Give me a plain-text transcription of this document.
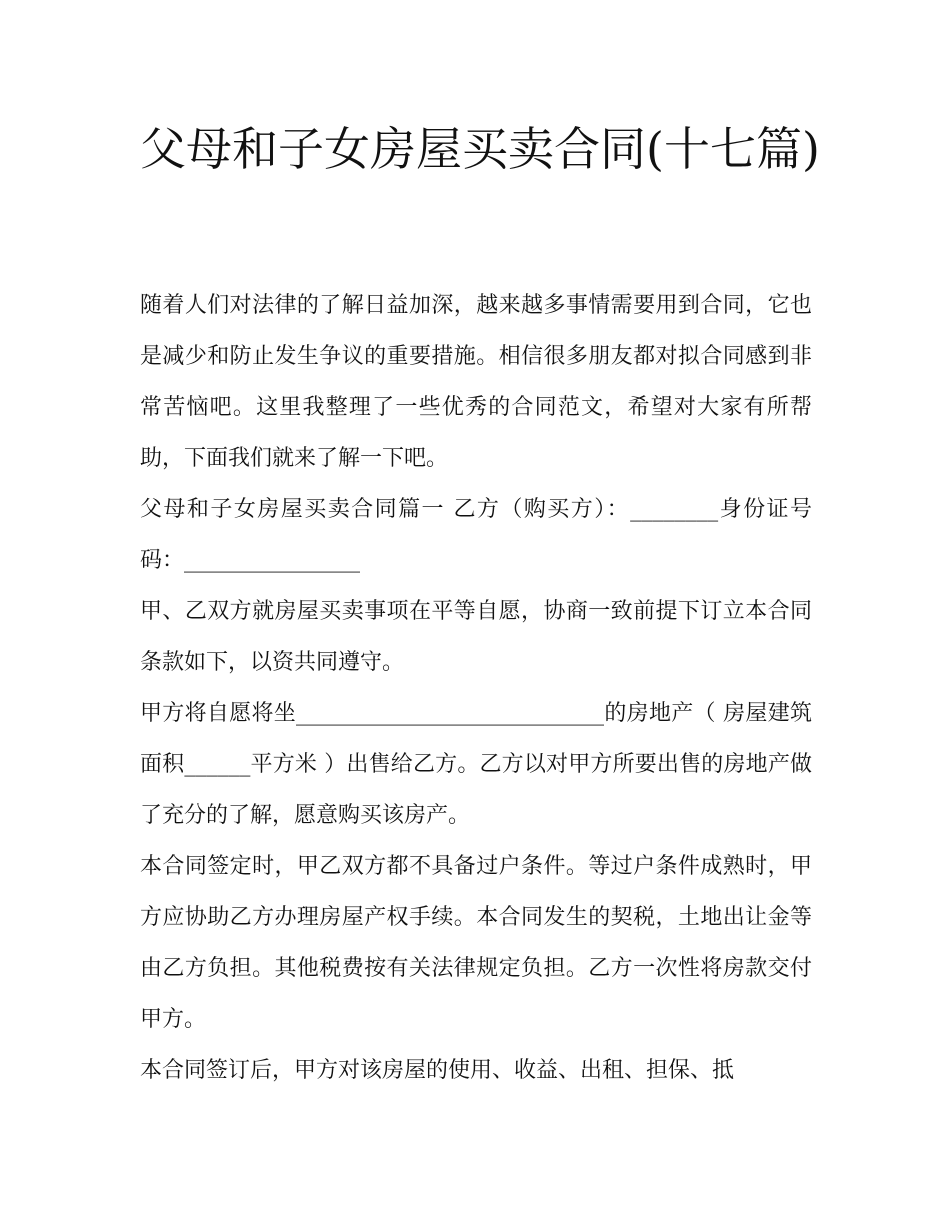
父母和子女房屋买卖合同(十七篇)

随着人们对法律的了解日益加深，越来越多事情需要用到合同，它也是减少和防止发生争议的重要措施。相信很多朋友都对拟合同感到非常苦恼吧。这里我整理了一些优秀的合同范文，希望对大家有所帮助，下面我们就来了解一下吧。

父母和子女房屋买卖合同篇一 乙方（购买方）：________身份证号码：________________

甲、乙双方就房屋买卖事项在平等自愿，协商一致前提下订立本合同条款如下，以资共同遵守。

甲方将自愿将坐____________________________的房地产（ 房屋建筑面积______平方米 ）出售给乙方。乙方以对甲方所要出售的房地产做了充分的了解，愿意购买该房产。

本合同签定时，甲乙双方都不具备过户条件。等过户条件成熟时，甲方应协助乙方办理房屋产权手续。本合同发生的契税，土地出让金等由乙方负担。其他税费按有关法律规定负担。乙方一次性将房款交付甲方。

本合同签订后，甲方对该房屋的使用、收益、出租、担保、抵
